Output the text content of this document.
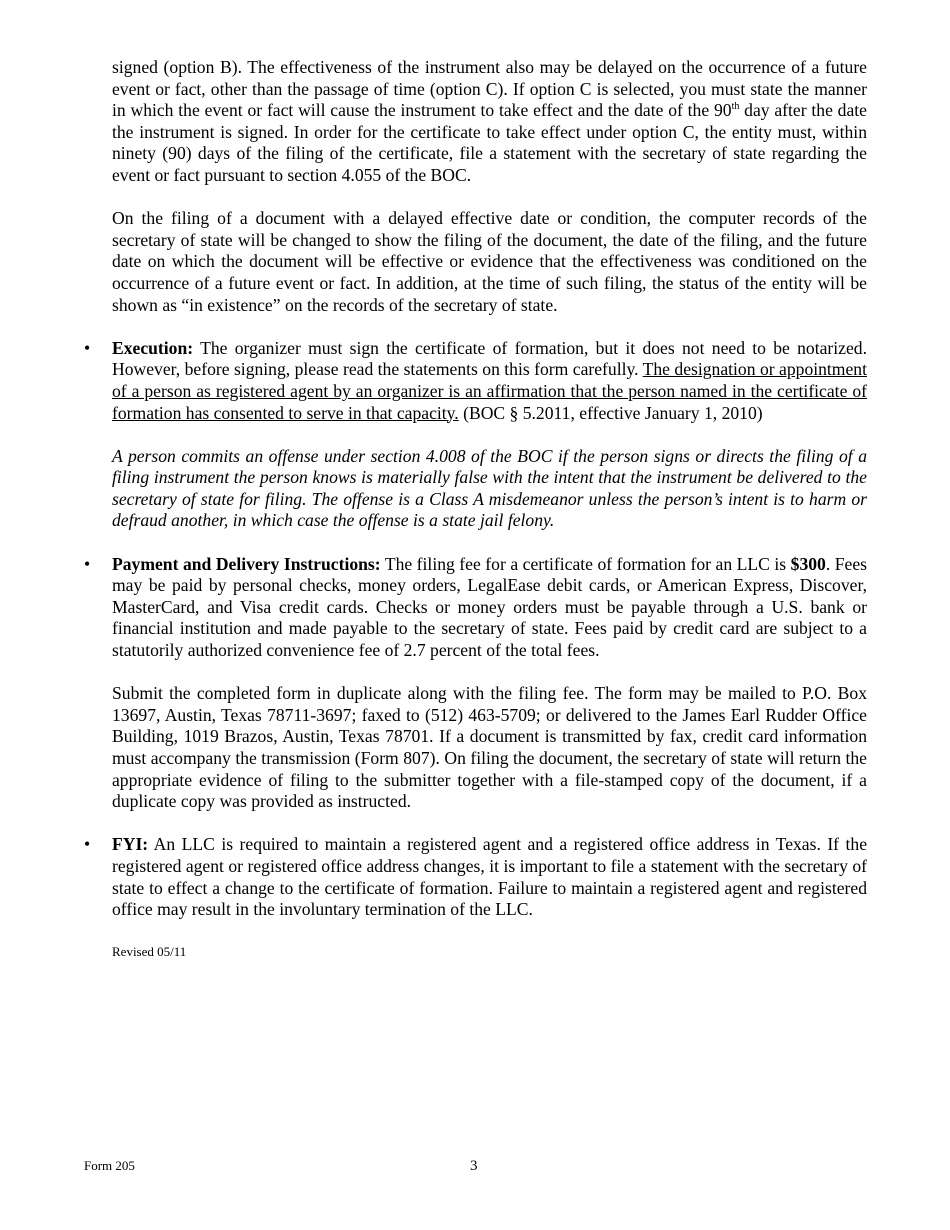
signed (option B). The effectiveness of the instrument also may be delayed on the occurrence of a future event or fact, other than the passage of time (option C). If option C is selected, you must state the manner in which the event or fact will cause the instrument to take effect and the date of the 90th day after the date the instrument is signed. In order for the certificate to take effect under option C, the entity must, within ninety (90) days of the filing of the certificate, file a statement with the secretary of state regarding the event or fact pursuant to section 4.055 of the BOC.

On the filing of a document with a delayed effective date or condition, the computer records of the secretary of state will be changed to show the filing of the document, the date of the filing, and the future date on which the document will be effective or evidence that the effectiveness was conditioned on the occurrence of a future event or fact. In addition, at the time of such filing, the status of the entity will be shown as “in existence” on the records of the secretary of state.

• Execution: The organizer must sign the certificate of formation, but it does not need to be notarized. However, before signing, please read the statements on this form carefully. The designation or appointment of a person as registered agent by an organizer is an affirmation that the person named in the certificate of formation has consented to serve in that capacity. (BOC § 5.2011, effective January 1, 2010)

A person commits an offense under section 4.008 of the BOC if the person signs or directs the filing of a filing instrument the person knows is materially false with the intent that the instrument be delivered to the secretary of state for filing. The offense is a Class A misdemeanor unless the person’s intent is to harm or defraud another, in which case the offense is a state jail felony.

• Payment and Delivery Instructions: The filing fee for a certificate of formation for an LLC is $300. Fees may be paid by personal checks, money orders, LegalEase debit cards, or American Express, Discover, MasterCard, and Visa credit cards. Checks or money orders must be payable through a U.S. bank or financial institution and made payable to the secretary of state. Fees paid by credit card are subject to a statutorily authorized convenience fee of 2.7 percent of the total fees.

Submit the completed form in duplicate along with the filing fee. The form may be mailed to P.O. Box 13697, Austin, Texas 78711-3697; faxed to (512) 463-5709; or delivered to the James Earl Rudder Office Building, 1019 Brazos, Austin, Texas 78701. If a document is transmitted by fax, credit card information must accompany the transmission (Form 807). On filing the document, the secretary of state will return the appropriate evidence of filing to the submitter together with a file-stamped copy of the document, if a duplicate copy was provided as instructed.

• FYI: An LLC is required to maintain a registered agent and a registered office address in Texas. If the registered agent or registered office address changes, it is important to file a statement with the secretary of state to effect a change to the certificate of formation. Failure to maintain a registered agent and registered office may result in the involuntary termination of the LLC.

Revised 05/11
Form 205	3
